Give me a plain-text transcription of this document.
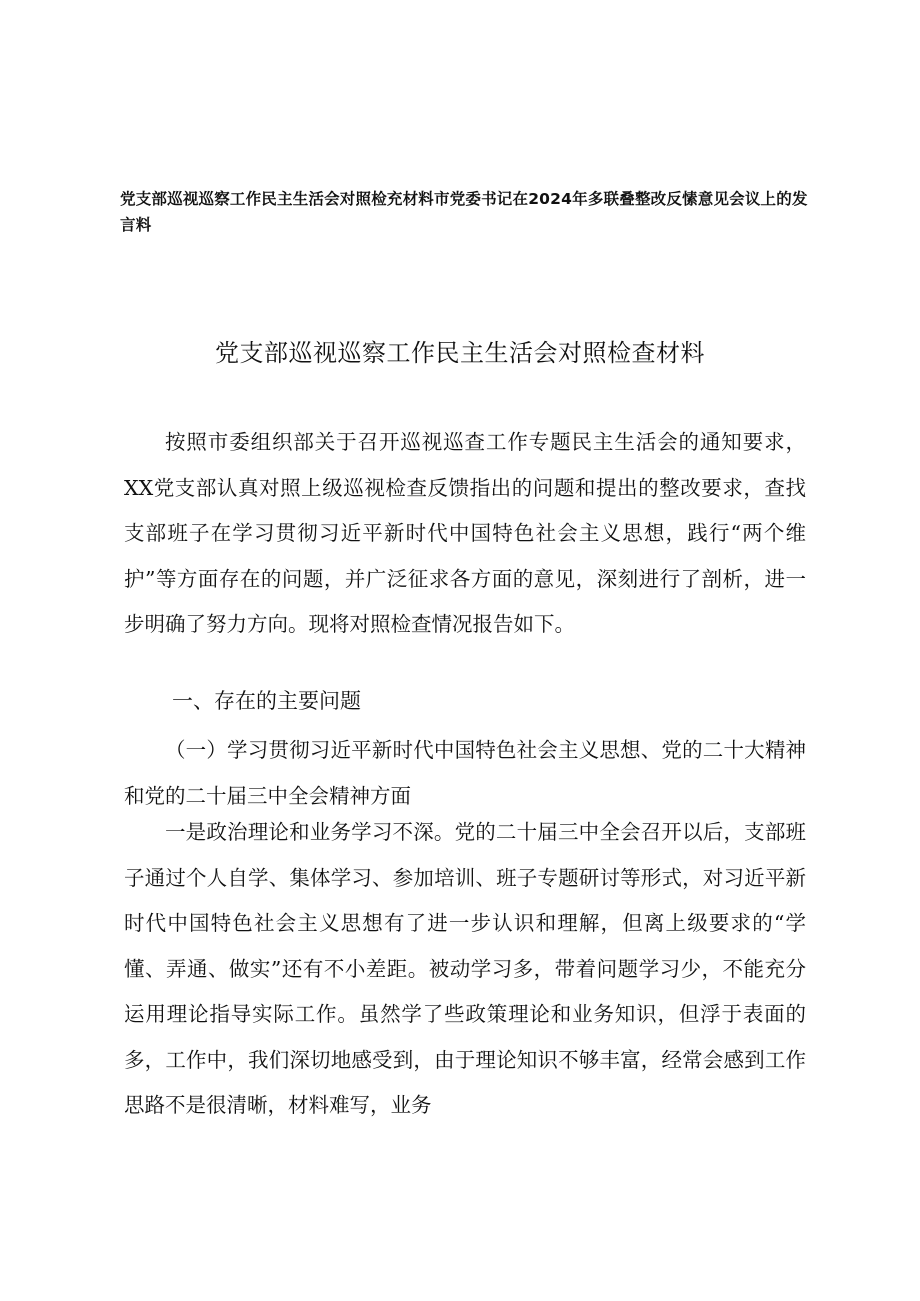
党支部巡视巡察工作民主生活会对照检充材料市党委书记在2024年多联叠整改反愫意见会议上的发言料
党支部巡视巡察工作民主生活会对照检查材料

按照市委组织部关于召开巡视巡查工作专题民主生活会的通知要求，XX党支部认真对照上级巡视检查反馈指出的问题和提出的整改要求，查找支部班子在学习贯彻习近平新时代中国特色社会主义思想，践行“两个维护”等方面存在的问题，并广泛征求各方面的意见，深刻进行了剖析，进一步明确了努力方向。现将对照检查情况报告如下。

一、存在的主要问题

（一）学习贯彻习近平新时代中国特色社会主义思想、党的二十大精神和党的二十届三中全会精神方面

一是政治理论和业务学习不深。党的二十届三中全会召开以后，支部班子通过个人自学、集体学习、参加培训、班子专题研讨等形式，对习近平新时代中国特色社会主义思想有了进一步认识和理解，但离上级要求的“学懂、弄通、做实”还有不小差距。被动学习多，带着问题学习少，不能充分运用理论指导实际工作。虽然学了些政策理论和业务知识，但浮于表面的多，工作中，我们深切地感受到，由于理论知识不够丰富，经常会感到工作思路不是很清晰，材料难写，业务
